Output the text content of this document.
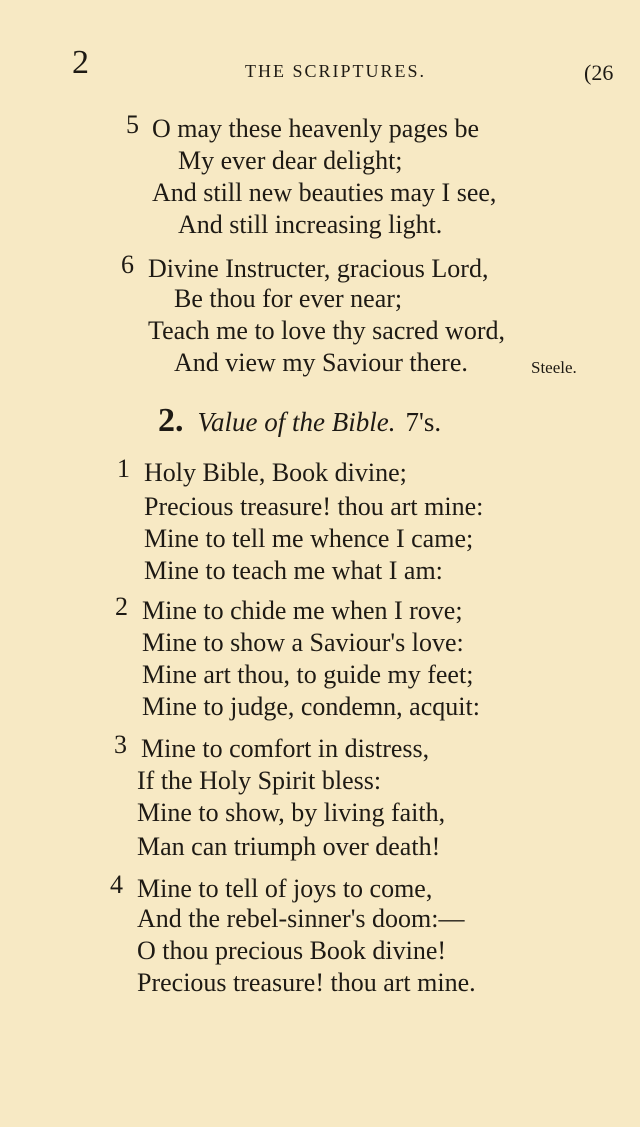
2	THE SCRIPTURES.	(26
5 O may these heavenly pages be
My ever dear delight;
And still new beauties may I see,
And still increasing light.
6 Divine Instructer, gracious Lord,
Be thou for ever near;
Teach me to love thy sacred word,
And view my Saviour there.	Steele.
2. Value of the Bible. 7's.
1 Holy Bible, Book divine;
Precious treasure! thou art mine:
Mine to tell me whence I came;
Mine to teach me what I am:
2 Mine to chide me when I rove;
Mine to show a Saviour's love:
Mine art thou, to guide my feet;
Mine to judge, condemn, acquit:
3 Mine to comfort in distress,
If the Holy Spirit bless:
Mine to show, by living faith,
Man can triumph over death!
4 Mine to tell of joys to come,
And the rebel-sinner's doom:—
O thou precious Book divine!
Precious treasure! thou art mine.
